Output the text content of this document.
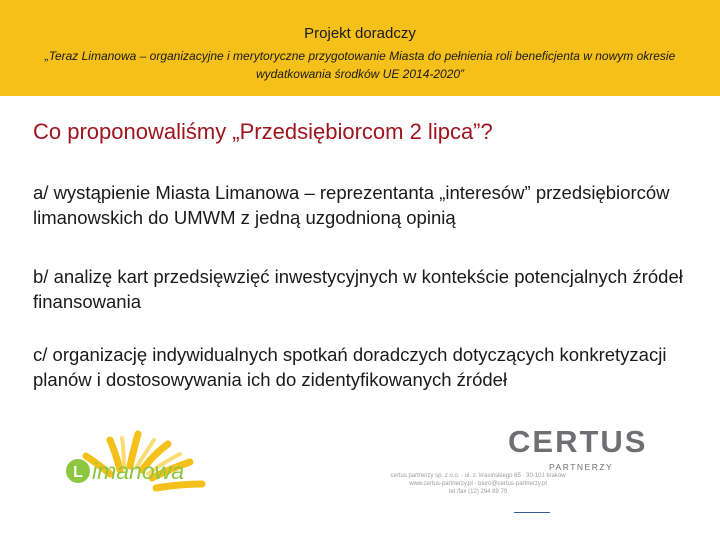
Projekt doradczy
„Teraz Limanowa – organizacyjne i merytoryczne przygotowanie Miasta do pełnienia roli beneficjenta w nowym okresie wydatkowania środków UE 2014-2020”
Co proponowaliśmy „Przedsiębiorcom 2 lipca”?
a/ wystąpienie Miasta Limanowa – reprezentanta „interesów” przedsiębiorców limanowskich do UMWM z jedną uzgodnioną opinią
b/ analizę kart przedsięwzięć inwestycyjnych w kontekście potencjalnych źródeł finansowania
c/ organizację indywidualnych spotkań doradczych dotyczących konkretyzacji planów i dostosowywania ich do zidentyfikowanych źródeł
L imanowa
CERTUS
PARTNERZY
certus partnerzy sp. z o.o. · ul. z. krasińskiego 65 · 30-101 kraków
www.certus-partnerzy.pl · biuro@certus-partnerzy.pl
tel./fax (12) 294 89 79
